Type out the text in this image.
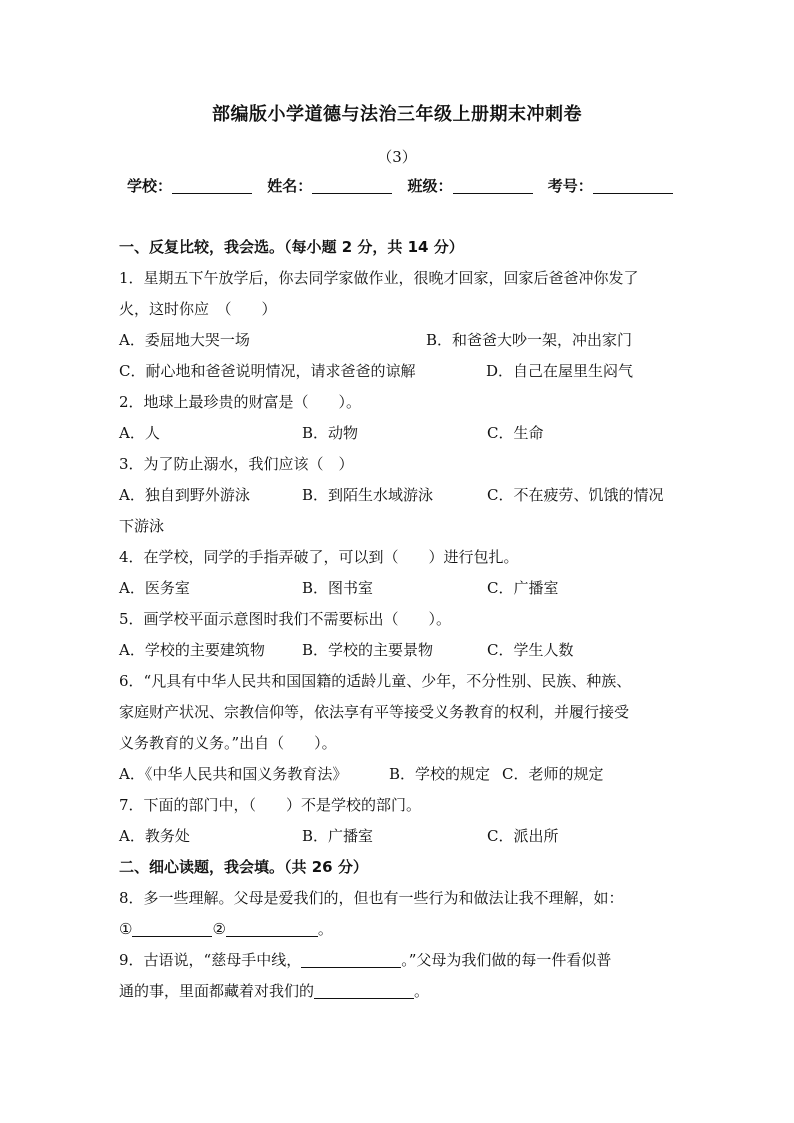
部编版小学道德与法治三年级上册期末冲刺卷
（3）
学校：	姓名：	班级：	考号：
一、反复比较，我会选。（每小题 2 分，共 14 分）
1．星期五下午放学后，你去同学家做作业，很晚才回家，回家后爸爸冲你发了
火，这时你应　（　　）
A．委屈地大哭一场	B．和爸爸大吵一架，冲出家门
C．耐心地和爸爸说明情况，请求爸爸的谅解	D．自己在屋里生闷气
2．地球上最珍贵的财富是（　　）。
A．人	B．动物	C．生命
3．为了防止溺水，我们应该（　）
A．独自到野外游泳	B．到陌生水域游泳	C．不在疲劳、饥饿的情况
下游泳
4．在学校，同学的手指弄破了，可以到（　　）进行包扎。
A．医务室	B．图书室	C．广播室
5．画学校平面示意图时我们不需要标出（　　）。
A．学校的主要建筑物	B．学校的主要景物	C．学生人数
6．“凡具有中华人民共和国国籍的适龄儿童、少年，不分性别、民族、种族、
家庭财产状况、宗教信仰等，依法享有平等接受义务教育的权利，并履行接受
义务教育的义务。”出自（　　）。
A．《中华人民共和国义务教育法》	B．学校的规定 C．老师的规定
7．下面的部门中，（　　）不是学校的部门。
A．教务处	B．广播室	C．派出所
二、细心读题，我会填。（共 26 分）
8．多一些理解。父母是爱我们的，但也有一些行为和做法让我不理解，如：
①	②	。
9．古语说，“慈母手中线，	。”父母为我们做的每一件看似普
通的事，里面都藏着对我们的	。
